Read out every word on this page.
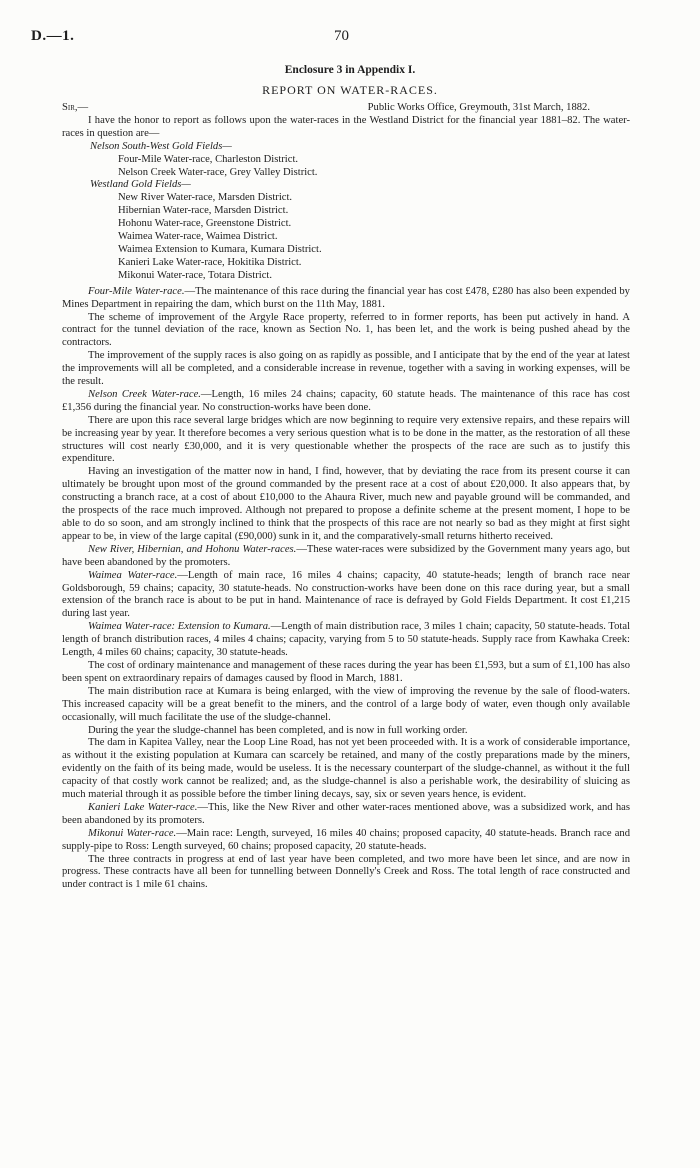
D.—1.	70
Enclosure 3 in Appendix I.
REPORT ON WATER-RACES.
Sir,—	Public Works Office, Greymouth, 31st March, 1882.

I have the honor to report as follows upon the water-races in the Westland District for the financial year 1881–82. The water-races in question are—

Nelson South-West Gold Fields—

Four-Mile Water-race, Charleston District.
Nelson Creek Water-race, Grey Valley District.

Westland Gold Fields—

New River Water-race, Marsden District.
Hibernian Water-race, Marsden District.
Hohonu Water-race, Greenstone District.
Waimea Water-race, Waimea District.
Waimea Extension to Kumara, Kumara District.
Kanieri Lake Water-race, Hokitika District.
Mikonui Water-race, Totara District.

Four-Mile Water-race.—The maintenance of this race during the financial year has cost £478, £280 has also been expended by Mines Department in repairing the dam, which burst on the 11th May, 1881.

The scheme of improvement of the Argyle Race property, referred to in former reports, has been put actively in hand. A contract for the tunnel deviation of the race, known as Section No. 1, has been let, and the work is being pushed ahead by the contractors.

The improvement of the supply races is also going on as rapidly as possible, and I anticipate that by the end of the year at latest the improvements will all be completed, and a considerable increase in revenue, together with a saving in working expenses, will be the result.

Nelson Creek Water-race.—Length, 16 miles 24 chains; capacity, 60 statute heads. The maintenance of this race has cost £1,356 during the financial year. No construction-works have been done.

There are upon this race several large bridges which are now beginning to require very extensive repairs, and these repairs will be increasing year by year. It therefore becomes a very serious question what is to be done in the matter, as the restoration of all these structures will cost nearly £30,000, and it is very questionable whether the prospects of the race are such as to justify this expenditure.

Having an investigation of the matter now in hand, I find, however, that by deviating the race from its present course it can ultimately be brought upon most of the ground commanded by the present race at a cost of about £20,000. It also appears that, by constructing a branch race, at a cost of about £10,000 to the Ahaura River, much new and payable ground will be commanded, and the prospects of the race much improved. Although not prepared to propose a definite scheme at the present moment, I hope to be able to do so soon, and am strongly inclined to think that the prospects of this race are not nearly so bad as they might at first sight appear to be, in view of the large capital (£90,000) sunk in it, and the comparatively-small returns hitherto received.

New River, Hibernian, and Hohonu Water-races.—These water-races were subsidized by the Government many years ago, but have been abandoned by the promoters.

Waimea Water-race.—Length of main race, 16 miles 4 chains; capacity, 40 statute-heads; length of branch race near Goldsborough, 59 chains; capacity, 30 statute-heads. No construction-works have been done on this race during year, but a small extension of the branch race is about to be put in hand. Maintenance of race is defrayed by Gold Fields Department. It cost £1,215 during last year.

Waimea Water-race: Extension to Kumara.—Length of main distribution race, 3 miles 1 chain; capacity, 50 statute-heads. Total length of branch distribution races, 4 miles 4 chains; capacity, varying from 5 to 50 statute-heads. Supply race from Kawhaka Creek: Length, 4 miles 60 chains; capacity, 30 statute-heads.

The cost of ordinary maintenance and management of these races during the year has been £1,593, but a sum of £1,100 has also been spent on extraordinary repairs of damages caused by flood in March, 1881.

The main distribution race at Kumara is being enlarged, with the view of improving the revenue by the sale of flood-waters. This increased capacity will be a great benefit to the miners, and the control of a large body of water, even though only available occasionally, will much facilitate the use of the sludge-channel.

During the year the sludge-channel has been completed, and is now in full working order.

The dam in Kapitea Valley, near the Loop Line Road, has not yet been proceeded with. It is a work of considerable importance, as without it the existing population at Kumara can scarcely be retained, and many of the costly preparations made by the miners, evidently on the faith of its being made, would be useless. It is the necessary counterpart of the sludge-channel, as without it the full capacity of that costly work cannot be realized; and, as the sludge-channel is also a perishable work, the desirability of sluicing as much material through it as possible before the timber lining decays, say, six or seven years hence, is evident.

Kanieri Lake Water-race.—This, like the New River and other water-races mentioned above, was a subsidized work, and has been abandoned by its promoters.

Mikonui Water-race.—Main race: Length, surveyed, 16 miles 40 chains; proposed capacity, 40 statute-heads. Branch race and supply-pipe to Ross: Length surveyed, 60 chains; proposed capacity, 20 statute-heads.

The three contracts in progress at end of last year have been completed, and two more have been let since, and are now in progress. These contracts have all been for tunnelling between Donnelly's Creek and Ross. The total length of race constructed and under contract is 1 mile 61 chains.
